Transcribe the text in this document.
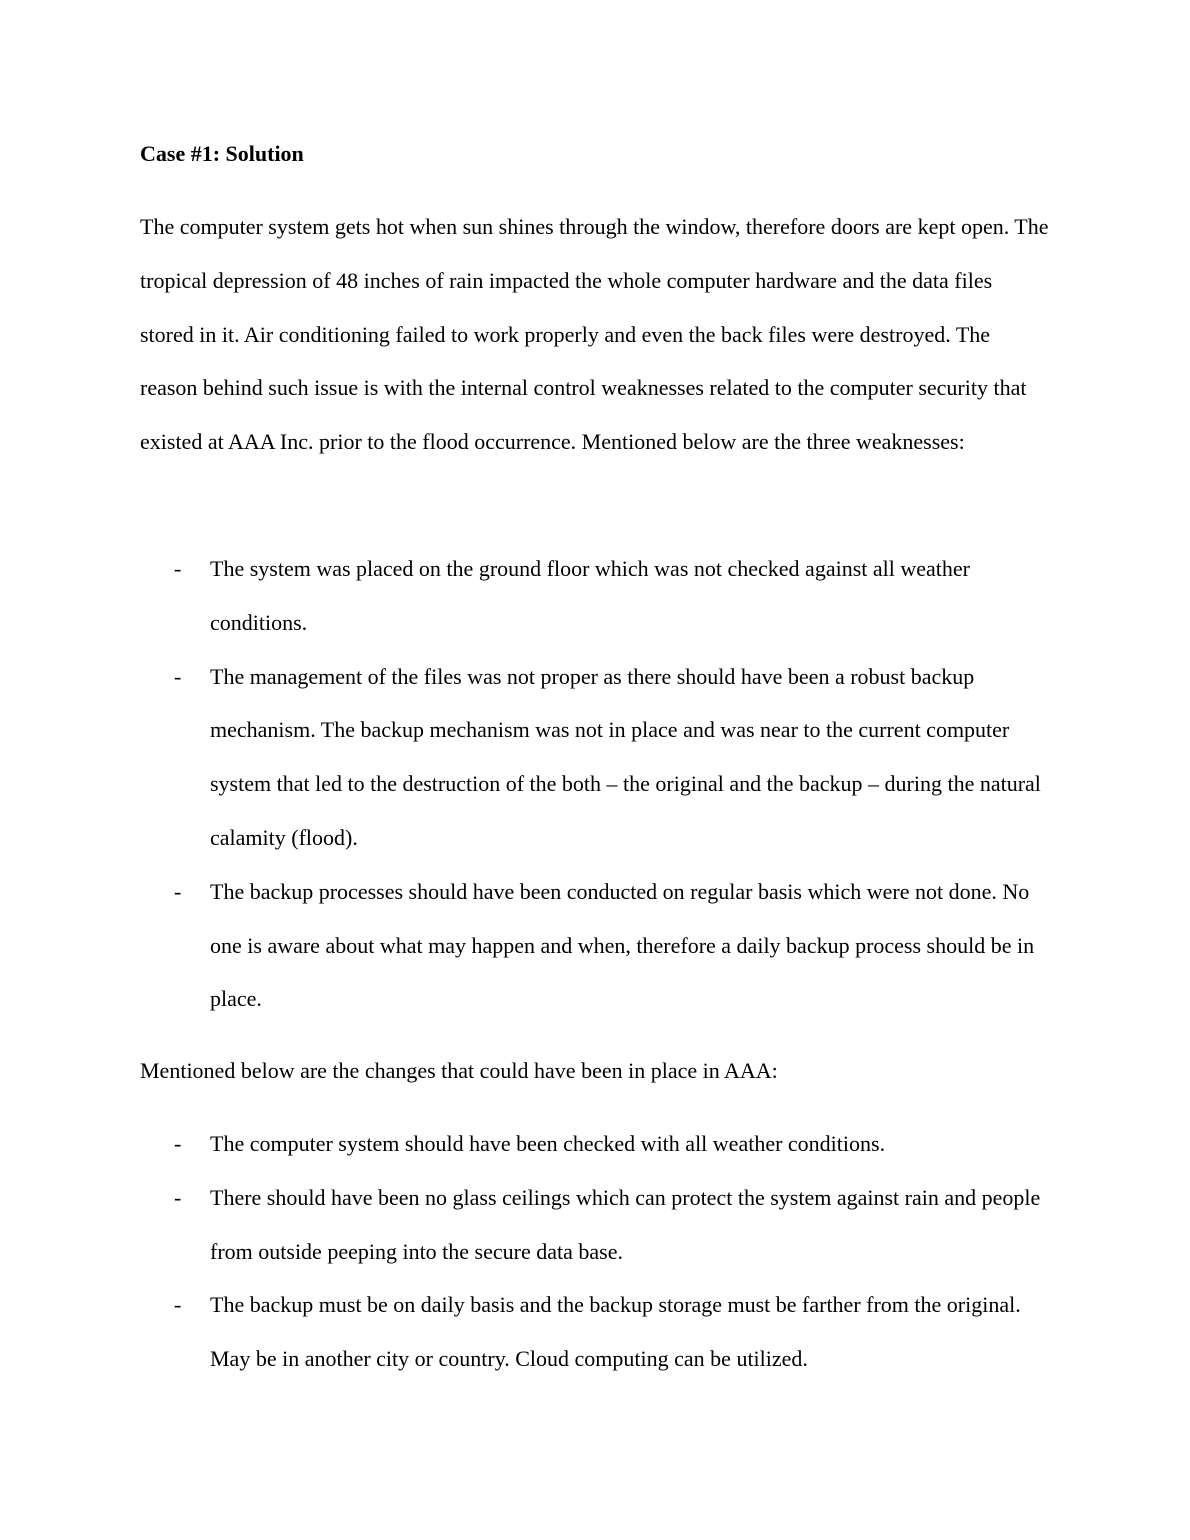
Case #1: Solution
The computer system gets hot when sun shines through the window, therefore doors are kept open. The tropical depression of 48 inches of rain impacted the whole computer hardware and the data files stored in it. Air conditioning failed to work properly and even the back files were destroyed. The reason behind such issue is with the internal control weaknesses related to the computer security that existed at AAA Inc. prior to the flood occurrence. Mentioned below are the three weaknesses:
- The system was placed on the ground floor which was not checked against all weather conditions.
- The management of the files was not proper as there should have been a robust backup mechanism. The backup mechanism was not in place and was near to the current computer system that led to the destruction of the both – the original and the backup – during the natural calamity (flood).
- The backup processes should have been conducted on regular basis which were not done. No one is aware about what may happen and when, therefore a daily backup process should be in place.
Mentioned below are the changes that could have been in place in AAA:
- The computer system should have been checked with all weather conditions.
- There should have been no glass ceilings which can protect the system against rain and people from outside peeping into the secure data base.
- The backup must be on daily basis and the backup storage must be farther from the original. May be in another city or country. Cloud computing can be utilized.
